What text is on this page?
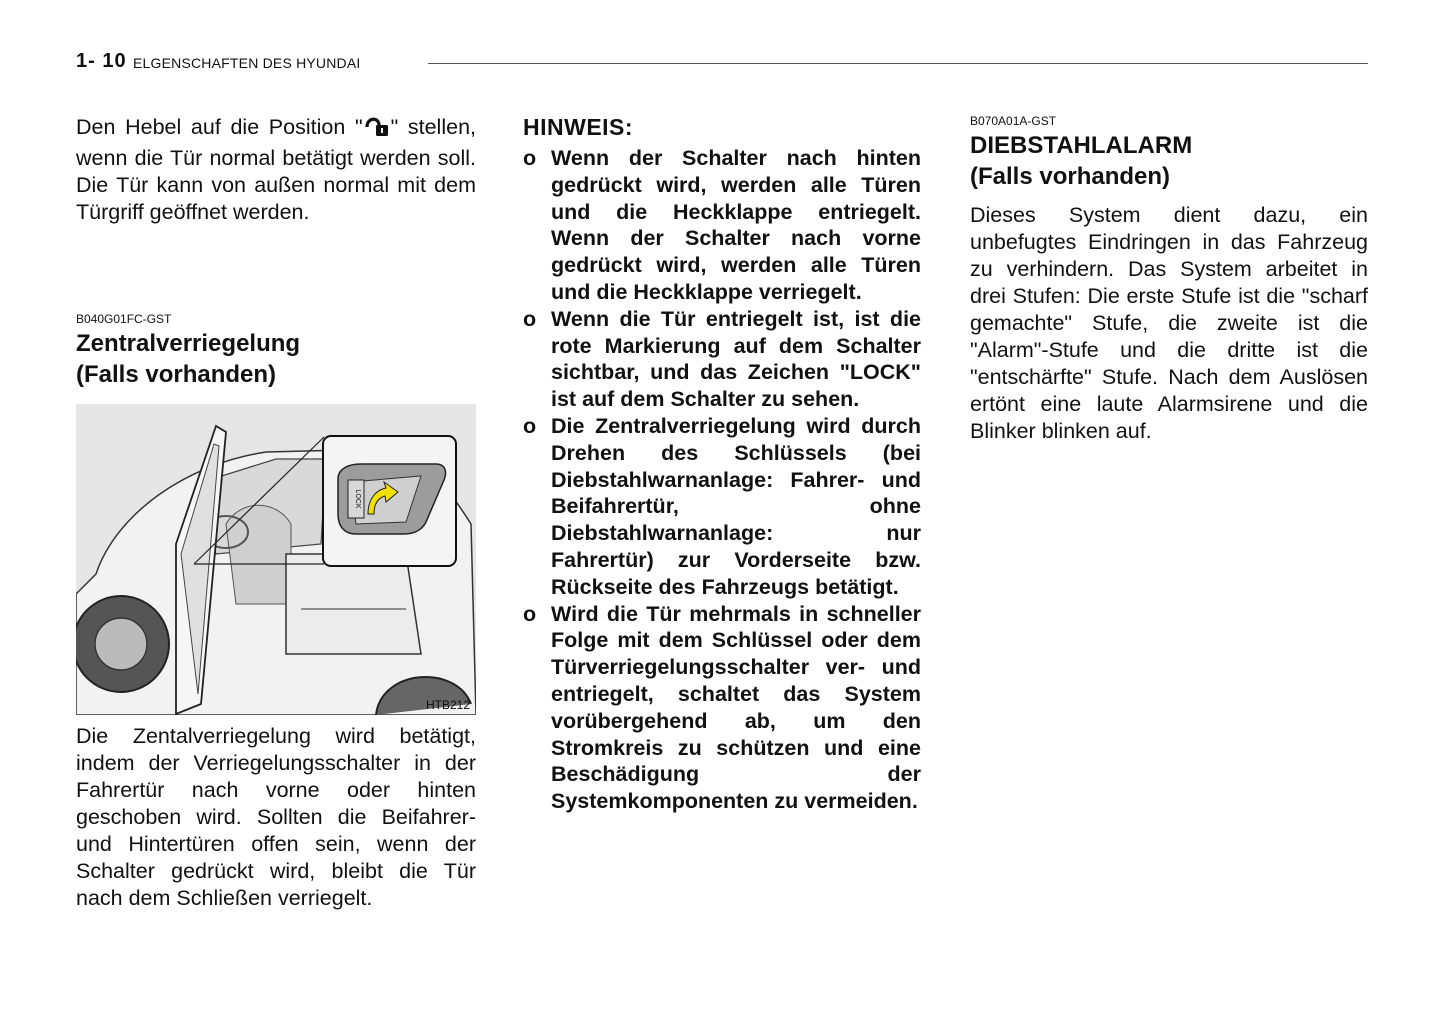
1- 10 ELGENSCHAFTEN DES HYUNDAI

Den Hebel auf die Position " " stellen, wenn die Tür normal betätigt werden soll. Die Tür kann von außen normal mit dem Türgriff geöffnet werden.

B040G01FC-GST

Zentralverriegelung
(Falls vorhanden)
LOCK
HTB212

Die Zentalverriegelung wird betätigt, indem der Verriegelungsschalter in der Fahrertür nach vorne oder hinten geschoben wird. Sollten die Beifahrer- und Hintertüren offen sein, wenn der Schalter gedrückt wird, bleibt die Tür nach dem Schließen verriegelt.

HINWEIS:

o Wenn der Schalter nach hinten gedrückt wird, werden alle Türen und die Heckklappe entriegelt. Wenn der Schalter nach vorne gedrückt wird, werden alle Türen und die Heckklappe verriegelt.
o Wenn die Tür entriegelt ist, ist die rote Markierung auf dem Schalter sichtbar, und das Zeichen "LOCK" ist auf dem Schalter zu sehen.
o Die Zentralverriegelung wird durch Drehen des Schlüssels (bei Diebstahlwarnanlage: Fahrer- und Beifahrertür, ohne Diebstahlwarnanlage: nur Fahrertür) zur Vorderseite bzw. Rückseite des Fahrzeugs betätigt.
o Wird die Tür mehrmals in schneller Folge mit dem Schlüssel oder dem Türverriegelungsschalter ver- und entriegelt, schaltet das System vorübergehend ab, um den Stromkreis zu schützen und eine Beschädigung der Systemkomponenten zu vermeiden.

B070A01A-GST

DIEBSTAHLALARM
(Falls vorhanden)

Dieses System dient dazu, ein unbefugtes Eindringen in das Fahrzeug zu verhindern. Das System arbeitet in drei Stufen: Die erste Stufe ist die "scharf gemachte" Stufe, die zweite ist die "Alarm"-Stufe und die dritte ist die "entschärfte" Stufe. Nach dem Auslösen ertönt eine laute Alarmsirene und die Blinker blinken auf.
